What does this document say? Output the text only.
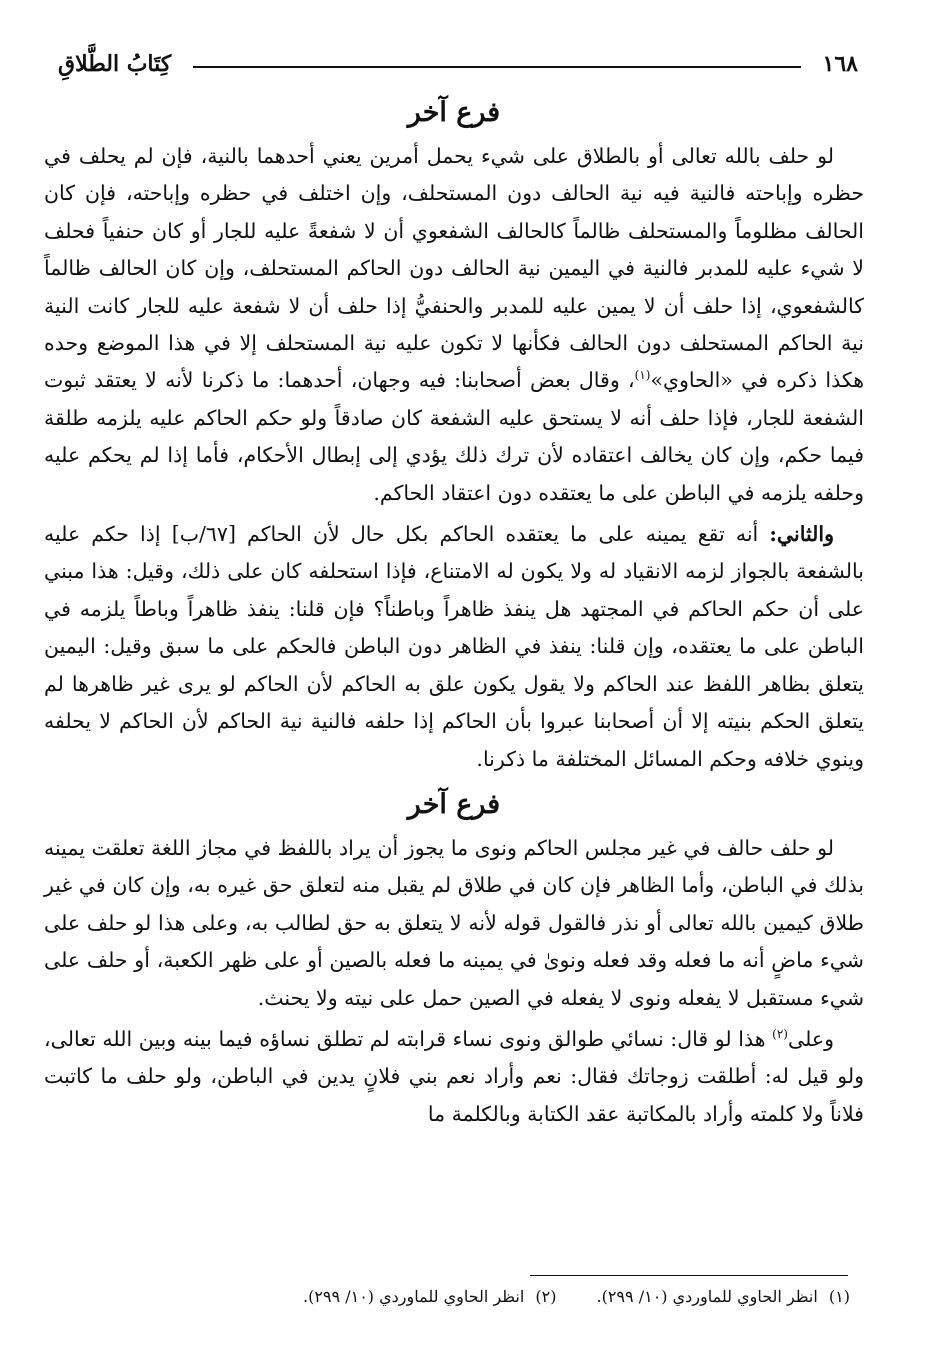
١٦٨
كِتَابُ الطَّلاقِ
فرع آخر

لو حلف بالله تعالى أو بالطلاق على شيء يحمل أمرين يعني أحدهما بالنية، فإن لم يحلف في حظره وإباحته فالنية فيه نية الحالف دون المستحلف، وإن اختلف في حظره وإباحته، فإن كان الحالف مظلوماً والمستحلف ظالماً كالحالف الشفعوي أن لا شفعةً عليه للجار أو كان حنفياً فحلف لا شيء عليه للمدبر فالنية في اليمين نية الحالف دون الحاكم المستحلف، وإن كان الحالف ظالماً كالشفعوي، إذا حلف أن لا يمين عليه للمدبر والحنفيُّ إذا حلف أن لا شفعة عليه للجار كانت النية نية الحاكم المستحلف دون الحالف فكأنها لا تكون عليه نية المستحلف إلا في هذا الموضع وحده هكذا ذكره في «الحاوي»$^{(١)}$، وقال بعض أصحابنا: فيه وجهان، أحدهما: ما ذكرنا لأنه لا يعتقد ثبوت الشفعة للجار، فإذا حلف أنه لا يستحق عليه الشفعة كان صادقاً ولو حكم الحاكم عليه يلزمه طلقة فيما حكم، وإن كان يخالف اعتقاده لأن ترك ذلك يؤدي إلى إبطال الأحكام، فأما إذا لم يحكم عليه وحلفه يلزمه في الباطن على ما يعتقده دون اعتقاد الحاكم.

والثاني: أنه تقع يمينه على ما يعتقده الحاكم بكل حال لأن الحاكم [٦٧/ب] إذا حكم عليه بالشفعة بالجواز لزمه الانقياد له ولا يكون له الامتناع، فإذا استحلفه كان على ذلك، وقيل: هذا مبني على أن حكم الحاكم في المجتهد هل ينفذ ظاهراً وباطناً؟ فإن قلنا: ينفذ ظاهراً وباطاً يلزمه في الباطن على ما يعتقده، وإن قلنا: ينفذ في الظاهر دون الباطن فالحكم على ما سبق وقيل: اليمين يتعلق بظاهر اللفظ عند الحاكم ولا يقول يكون علق به الحاكم لأن الحاكم لو يرى غير ظاهرها لم يتعلق الحكم بنيته إلا أن أصحابنا عبروا بأن الحاكم إذا حلفه فالنية نية الحاكم لأن الحاكم لا يحلفه وينوي خلافه وحكم المسائل المختلفة ما ذكرنا.

فرع آخر

لو حلف حالف في غير مجلس الحاكم ونوى ما يجوز أن يراد باللفظ في مجاز اللغة تعلقت يمينه بذلك في الباطن، وأما الظاهر فإن كان في طلاق لم يقبل منه لتعلق حق غيره به، وإن كان في غير طلاق كيمين بالله تعالى أو نذر فالقول قوله لأنه لا يتعلق به حق لطالب به، وعلى هذا لو حلف على شيء ماضٍ أنه ما فعله وقد فعله ونوىٰ في يمينه ما فعله بالصين أو على ظهر الكعبة، أو حلف على شيء مستقبل لا يفعله ونوى لا يفعله في الصين حمل على نيته ولا يحنث.

وعلى$^{(٢)}$ هذا لو قال: نسائي طوالق ونوى نساء قرابته لم تطلق نساؤه فيما بينه وبين الله تعالى، ولو قيل له: أطلقت زوجاتك فقال: نعم وأراد نعم بني فلانٍ يدين في الباطن، ولو حلف ما كاتبت فلاناً ولا كلمته وأراد بالمكاتبة عقد الكتابة وبالكلمة ما

(١) انظر الحاوي للماوردي (١٠/ ٢٩٩).
(٢) انظر الحاوي للماوردي (١٠/ ٢٩٩).
